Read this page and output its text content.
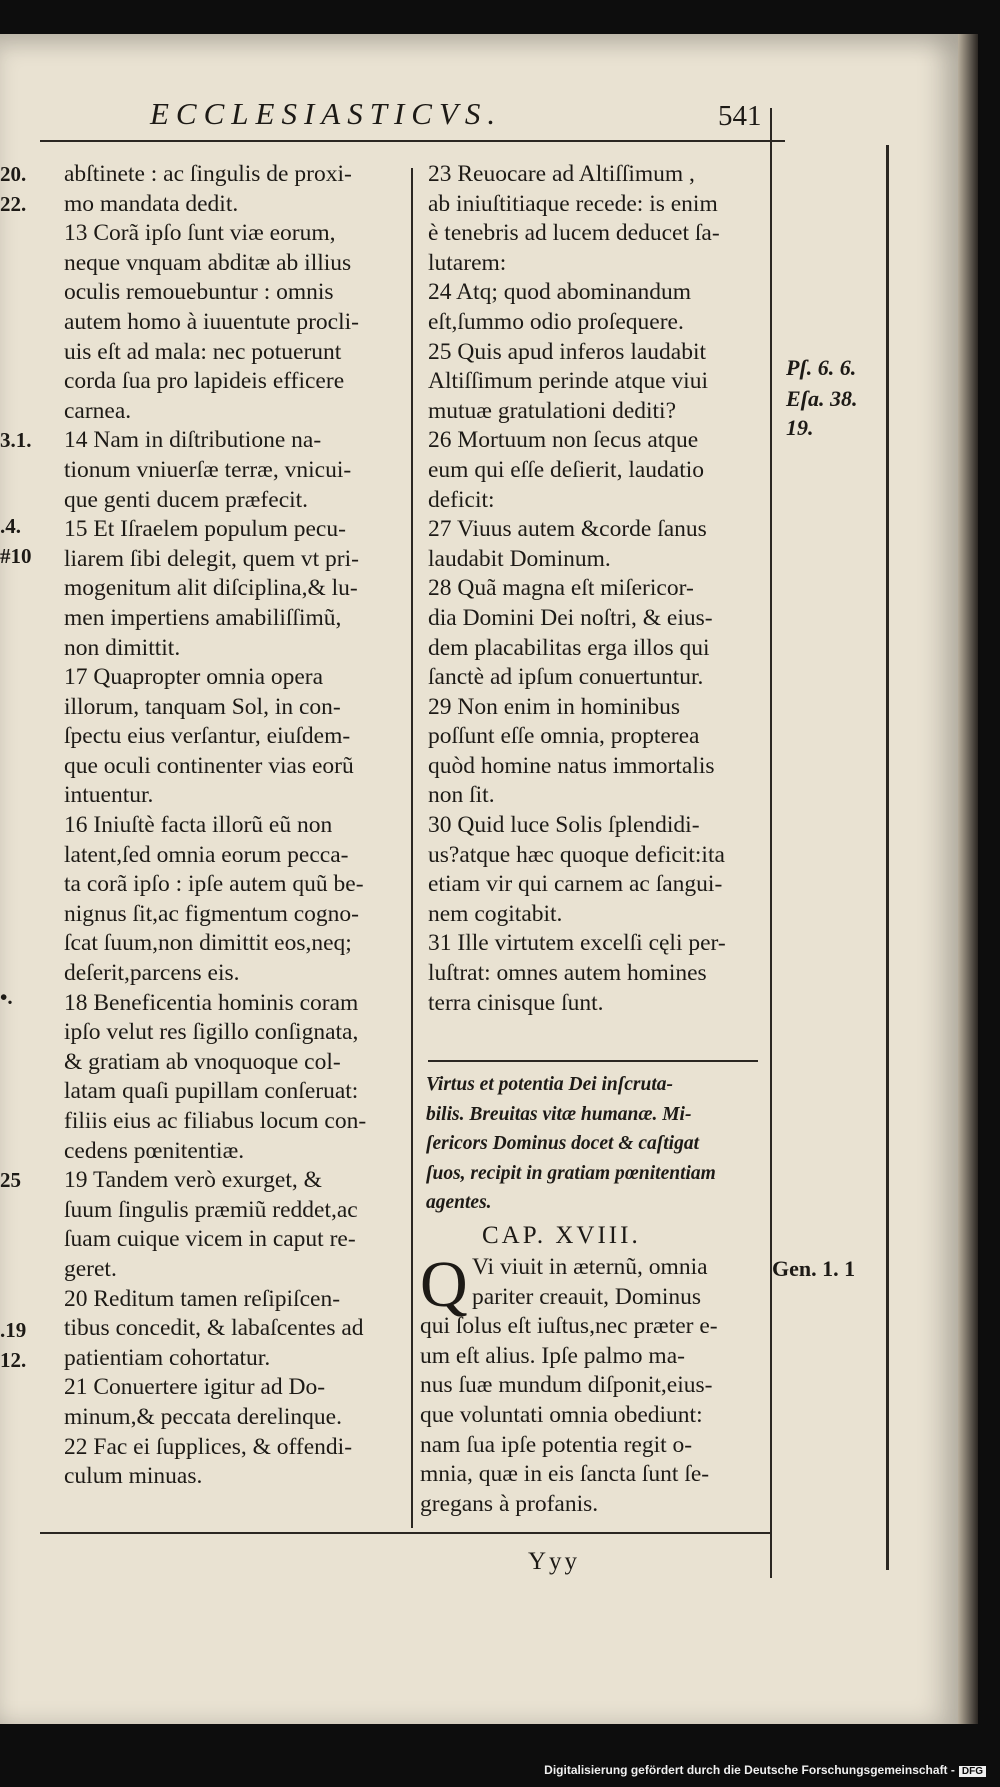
ECCLESIASTICVS.	541
abſtinete : ac ſingulis de proxi-
mo mandata dedit.
13 Corã ipſo ſunt viæ eorum,
neque vnquam abditæ ab illius
oculis remouebuntur : omnis
autem homo à iuuentute procli-
uis eſt ad mala: nec potuerunt
corda ſua pro lapideis efficere
carnea.
14 Nam in diſtributione na-
tionum vniuerſæ terræ, vnicui-
que genti ducem præfecit.
15 Et Iſraelem populum pecu-
liarem ſibi delegit, quem vt pri-
mogenitum alit diſciplina,& lu-
men impertiens amabiliſſimũ,
non dimittit.
17 Quapropter omnia opera
illorum, tanquam Sol, in con-
ſpectu eius verſantur, eiuſdem-
que oculi continenter vias eorũ
intuentur.
16 Iniuſtè facta illorũ eũ non
latent,ſed omnia eorum pecca-
ta corã ipſo : ipſe autem quũ be-
nignus ſit,ac figmentum cogno-
ſcat ſuum,non dimittit eos,neq;
deſerit,parcens eis.
18 Beneficentia hominis coram
ipſo velut res ſigillo conſignata,
& gratiam ab vnoquoque col-
latam quaſi pupillam conſeruat:
filiis eius ac filiabus locum con-
cedens pœnitentiæ.
19 Tandem verò exurget, &
ſuum ſingulis præmiũ reddet,ac
ſuam cuique vicem in caput re-
geret.
20 Reditum tamen reſipiſcen-
tibus concedit, & labaſcentes ad
patientiam cohortatur.
21 Conuertere igitur ad Do-
minum,& peccata derelinque.
22 Fac ei ſupplices, & offendi-
culum minuas.
23 Reuocare ad Altiſſimum ,
ab iniuſtitiaque recede: is enim
è tenebris ad lucem deducet ſa-
lutarem:
24 Atq; quod abominandum
eſt,ſummo odio proſequere.
25 Quis apud inferos laudabit
Altiſſimum perinde atque viui
mutuæ gratulationi dediti?
26 Mortuum non ſecus atque
eum qui eſſe deſierit, laudatio
deficit:
27 Viuus autem &corde ſanus
laudabit Dominum.
28 Quã magna eſt miſericor-
dia Domini Dei noſtri, & eius-
dem placabilitas erga illos qui
ſanctè ad ipſum conuertuntur.
29 Non enim in hominibus
poſſunt eſſe omnia, propterea
quòd homine natus immortalis
non ſit.
30 Quid luce Solis ſplendidi-
us?atque hæc quoque deficit:ita
etiam vir qui carnem ac ſangui-
nem cogitabit.
31 Ille virtutem excelſi cęli per-
luſtrat: omnes autem homines
terra cinisque ſunt.
Virtus et potentia Dei inſcruta-
bilis. Breuitas vitæ humanæ. Mi-
ſericors Dominus docet & caſtigat
ſuos, recipit in gratiam pœnitentiam
agentes.
CAP. XVIII.
Q Vi viuit in æternũ, omnia
pariter creauit, Dominus
qui ſolus eſt iuſtus,nec præter e-
um eſt alius. Ipſe palmo ma-
nus ſuæ mundum diſponit,eius-
que voluntati omnia obediunt:
nam ſua ipſe potentia regit o-
mnia, quæ in eis ſancta ſunt ſe-
gregans à profanis.
20.
22.
3.1.
.4.
#10
•.
25
.19
12.
Pſ. 6. 6.
Eſa. 38.
19.
Gen. 1. 1
Yyy
Digitalisierung gefördert durch die Deutsche Forschungsgemeinschaft - DFG
